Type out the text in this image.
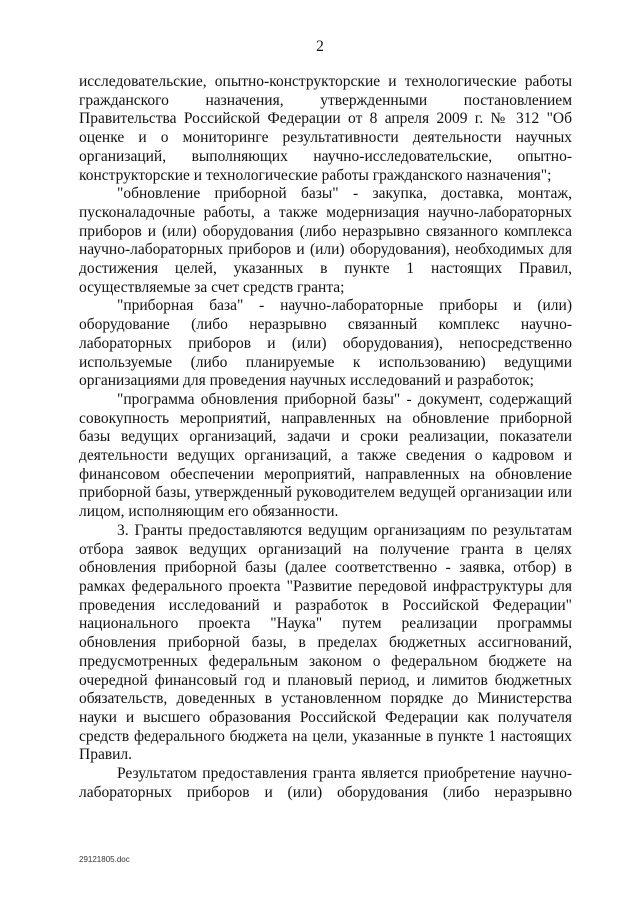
2

исследовательские, опытно-конструкторские и технологические работы гражданского назначения, утвержденными постановлением Правительства Российской Федерации от 8 апреля 2009 г. № 312 "Об оценке и о мониторинге результативности деятельности научных организаций, выполняющих научно-исследовательские, опытно-конструкторские и технологические работы гражданского назначения";

"обновление приборной базы" - закупка, доставка, монтаж, пусконаладочные работы, а также модернизация научно-лабораторных приборов и (или) оборудования (либо неразрывно связанного комплекса научно-лабораторных приборов и (или) оборудования), необходимых для достижения целей, указанных в пункте 1 настоящих Правил, осуществляемые за счет средств гранта;

"приборная база" - научно-лабораторные приборы и (или) оборудование (либо неразрывно связанный комплекс научно-лабораторных приборов и (или) оборудования), непосредственно используемые (либо планируемые к использованию) ведущими организациями для проведения научных исследований и разработок;

"программа обновления приборной базы" - документ, содержащий совокупность мероприятий, направленных на обновление приборной базы ведущих организаций, задачи и сроки реализации, показатели деятельности ведущих организаций, а также сведения о кадровом и финансовом обеспечении мероприятий, направленных на обновление приборной базы, утвержденный руководителем ведущей организации или лицом, исполняющим его обязанности.

3. Гранты предоставляются ведущим организациям по результатам отбора заявок ведущих организаций на получение гранта в целях обновления приборной базы (далее соответственно - заявка, отбор) в рамках федерального проекта "Развитие передовой инфраструктуры для проведения исследований и разработок в Российской Федерации" национального проекта "Наука" путем реализации программы обновления приборной базы, в пределах бюджетных ассигнований, предусмотренных федеральным законом о федеральном бюджете на очередной финансовый год и плановый период, и лимитов бюджетных обязательств, доведенных в установленном порядке до Министерства науки и высшего образования Российской Федерации как получателя средств федерального бюджета на цели, указанные в пункте 1 настоящих Правил.

Результатом предоставления гранта является приобретение научно-лабораторных приборов и (или) оборудования (либо неразрывно

29121805.doc
